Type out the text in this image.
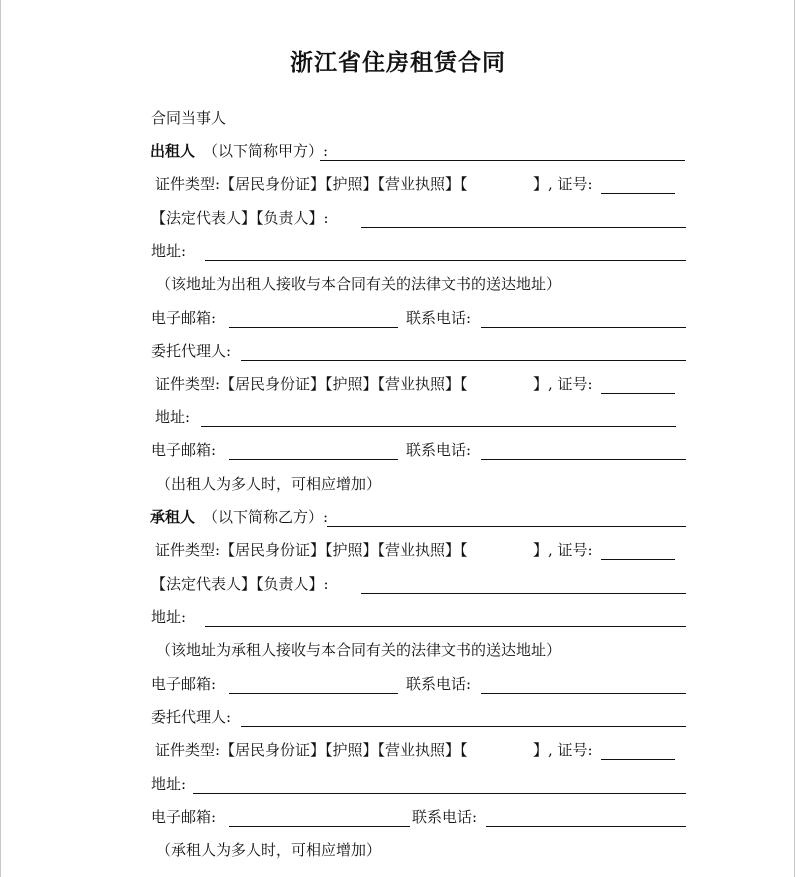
浙江省住房租赁合同
合同当事人
出租人 （以下简称甲方）:
证件类型:【居民身份证】【护照】【营业执照】【	】, 证号:
【法定代表人】【负责人】:
地址:
（该地址为出租人接收与本合同有关的法律文书的送达地址）
电子邮箱:	联系电话:
委托代理人:
证件类型:【居民身份证】【护照】【营业执照】【	】, 证号:
地址:
电子邮箱:	联系电话:
（出租人为多人时，可相应增加）
承租人 （以下简称乙方）:
证件类型:【居民身份证】【护照】【营业执照】【	】, 证号:
【法定代表人】【负责人】:
地址:
（该地址为承租人接收与本合同有关的法律文书的送达地址）
电子邮箱:	联系电话:
委托代理人:
证件类型:【居民身份证】【护照】【营业执照】【	】, 证号:
地址:
电子邮箱:	联系电话:
（承租人为多人时，可相应增加）
